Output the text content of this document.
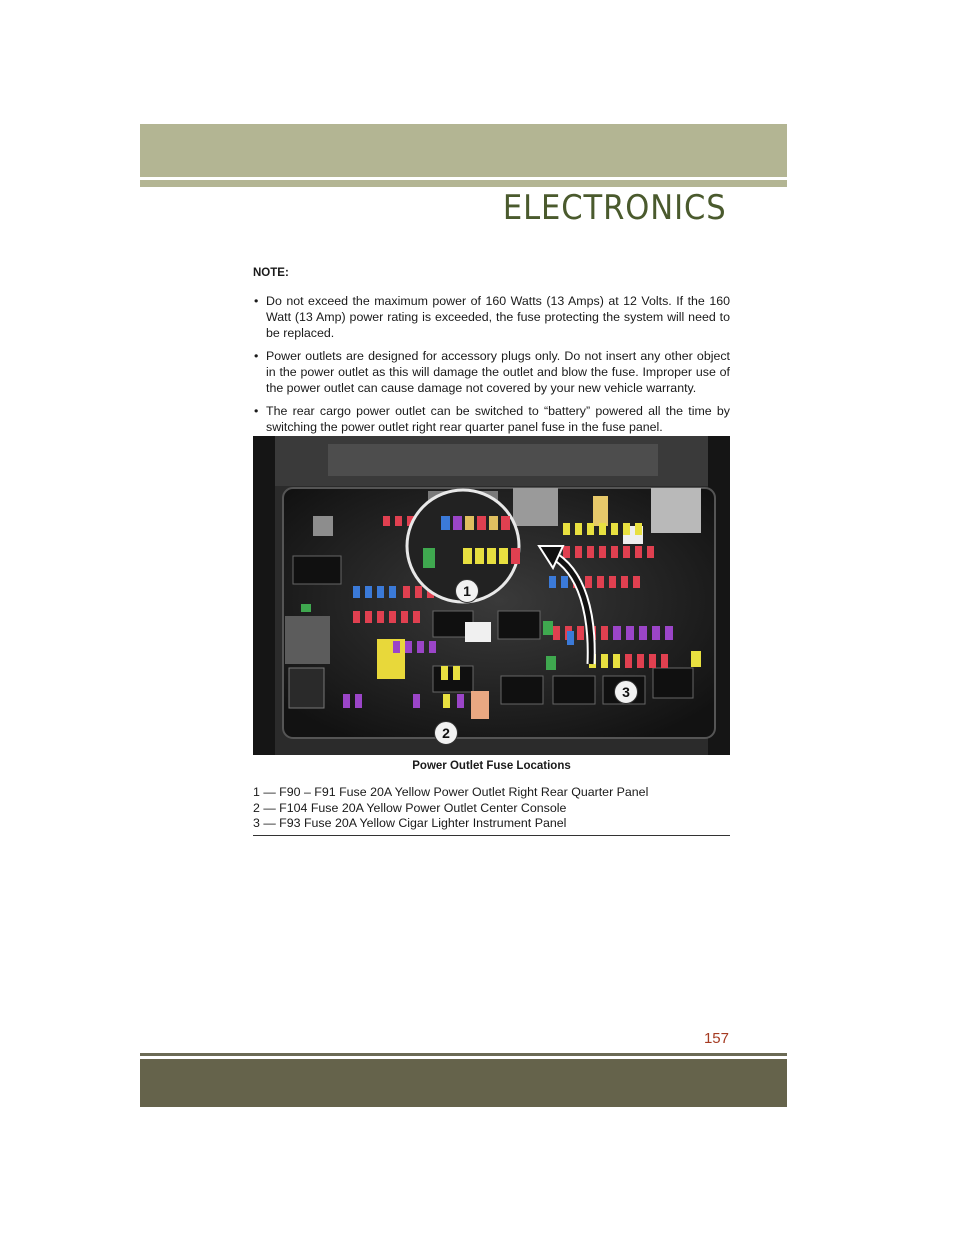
ELECTRONICS

NOTE:

• Do not exceed the maximum power of 160 Watts (13 Amps) at 12 Volts. If the 160 Watt (13 Amp) power rating is exceeded, the fuse protecting the system will need to be replaced.
• Power outlets are designed for accessory plugs only. Do not insert any other object in the power outlet as this will damage the outlet and blow the fuse. Improper use of the power outlet can cause damage not covered by your new vehicle warranty.
• The rear cargo power outlet can be switched to “battery” powered all the time by switching the power outlet right rear quarter panel fuse in the fuse panel.
1
2
3
Power Outlet Fuse Locations
1 — F90 – F91 Fuse 20A Yellow Power Outlet Right Rear Quarter Panel
2 — F104 Fuse 20A Yellow Power Outlet Center Console
3 — F93 Fuse 20A Yellow Cigar Lighter Instrument Panel
157
